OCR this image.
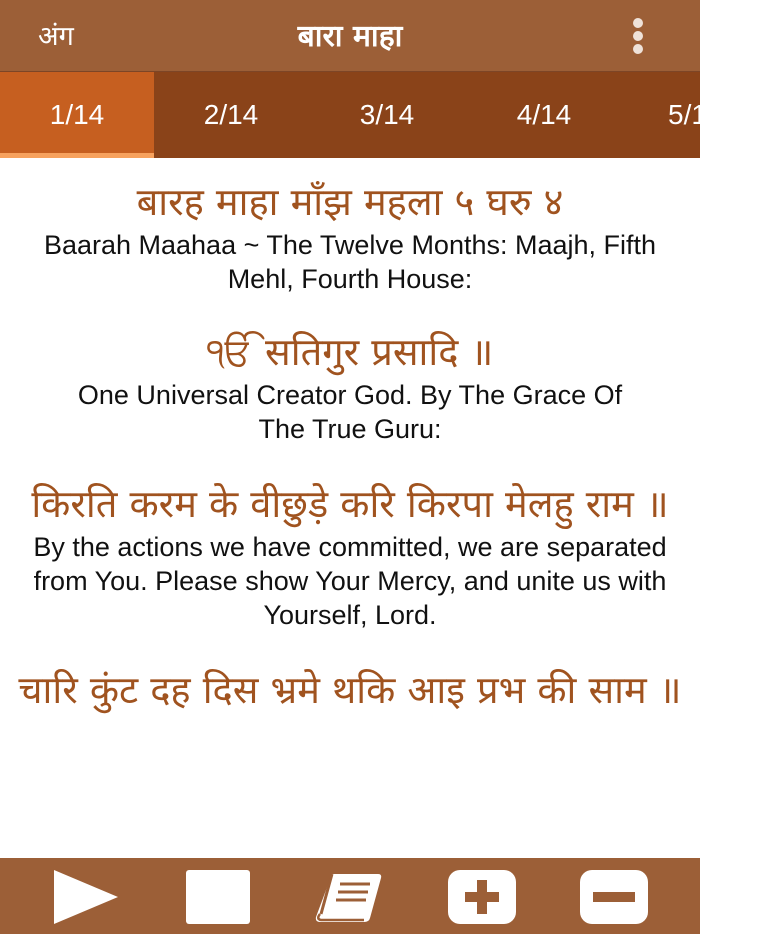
अंग	बारा माहा
1/14	2/14	3/14	4/14	5/14
बारह माहा माँझ महला ५ घरु ४
Baarah Maahaa ~ The Twelve Months: Maajh, Fifth Mehl, Fourth House:
ੴ सतिगुर प्रसादि ॥
One Universal Creator God. By The Grace Of The True Guru:
किरति करम के वीछुड़े करि किरपा मेलहु राम ॥
By the actions we have committed, we are separated from You. Please show Your Mercy, and unite us with Yourself, Lord.
चारि कुंट दह दिस भ्रमे थकि आइ प्रभ की साम ॥
